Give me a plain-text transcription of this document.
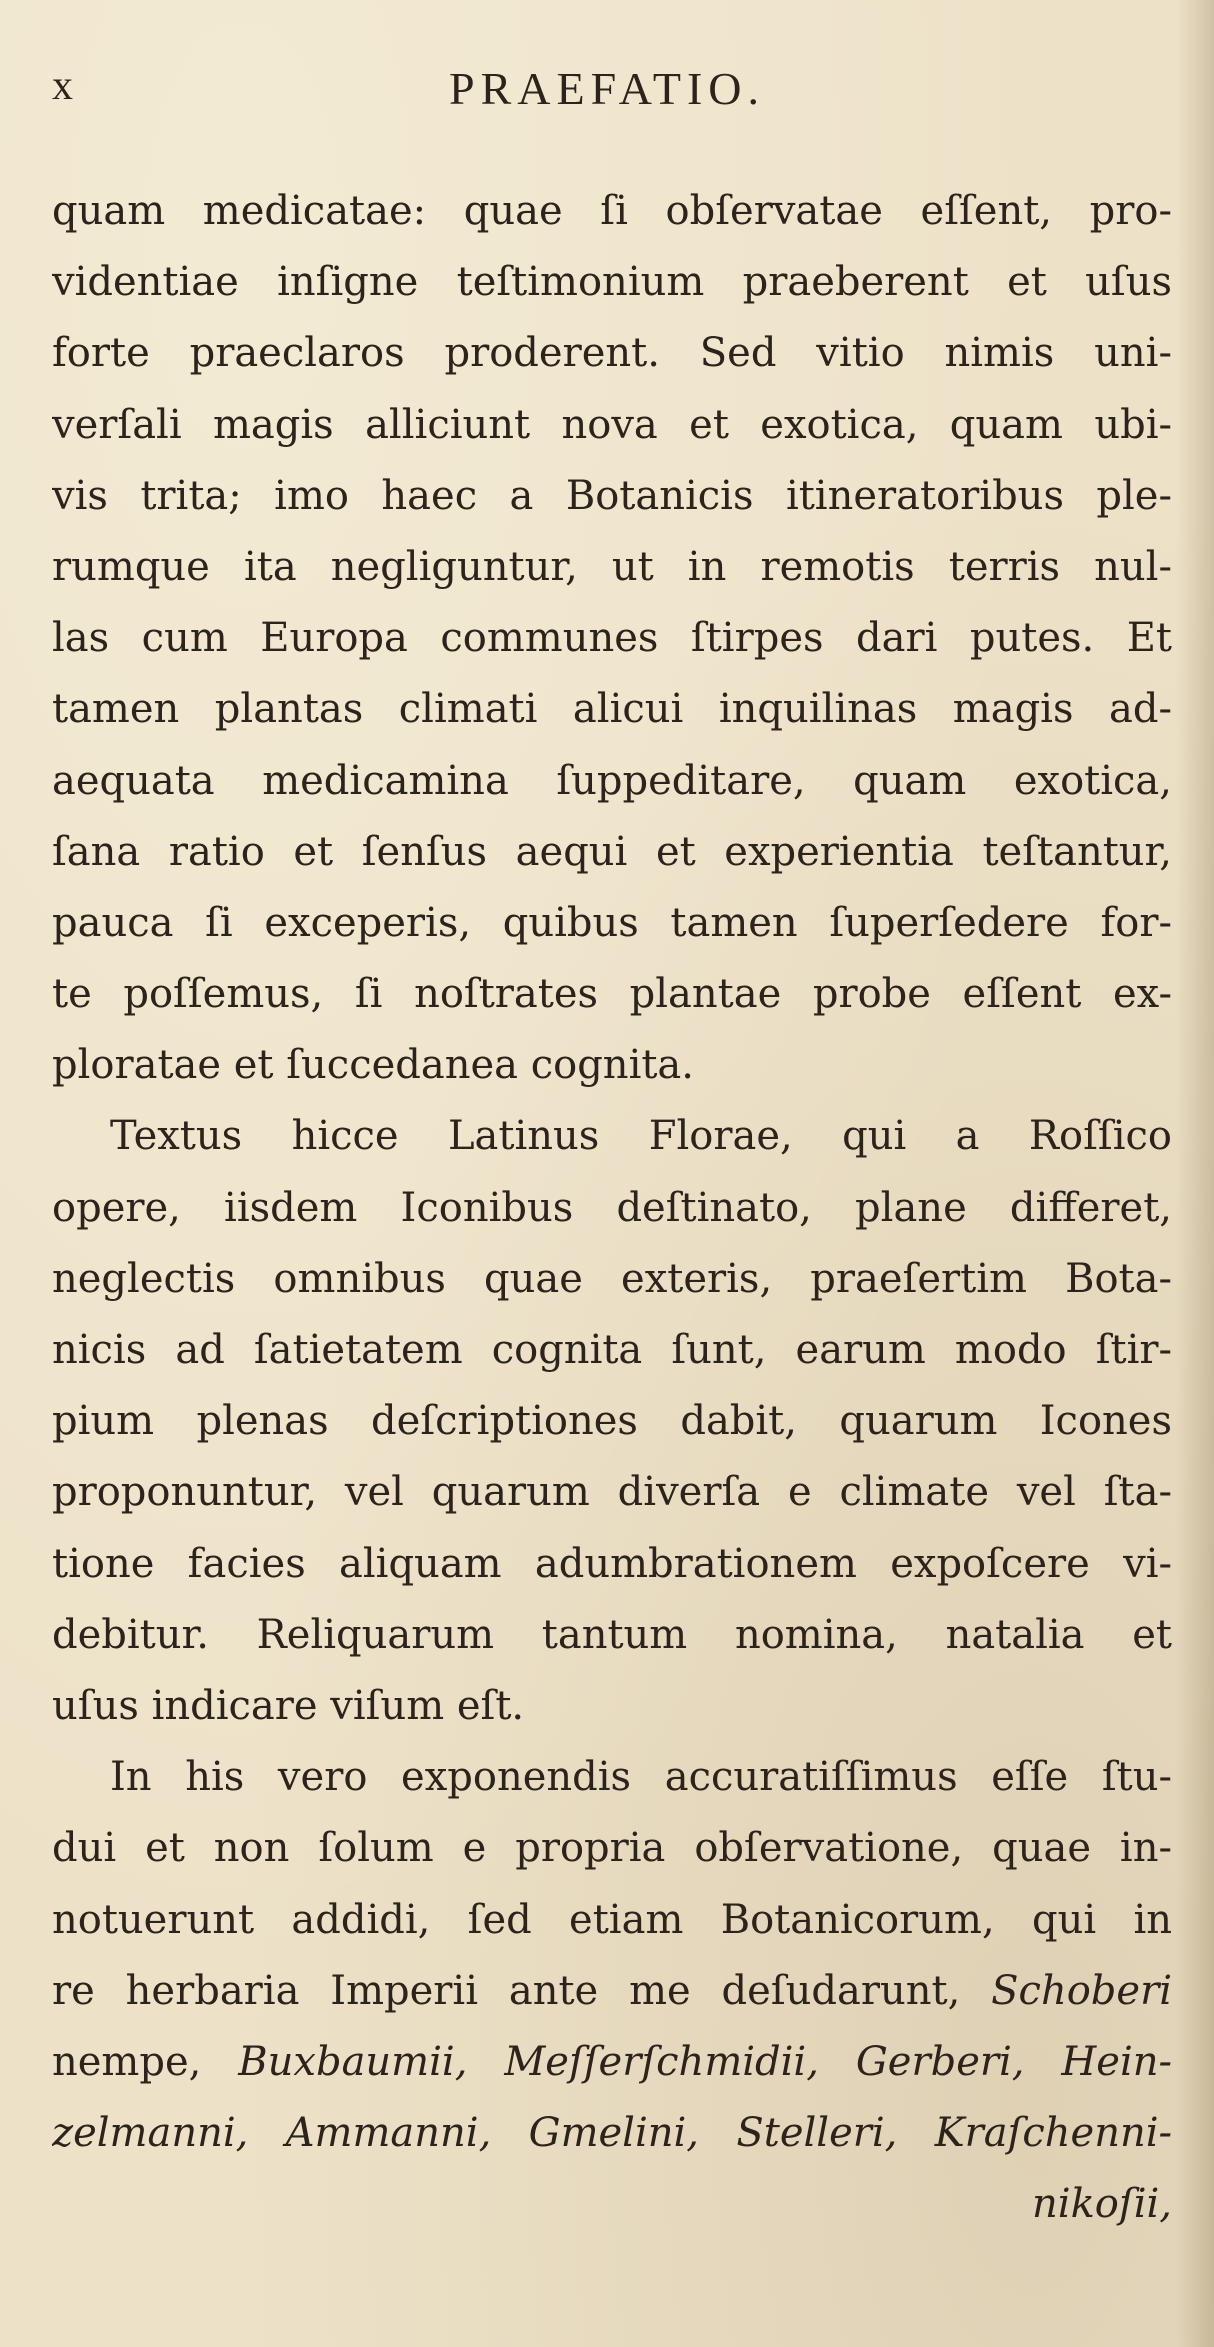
x	PRAEFATIO.
quam medicatae: quae ſi obſervatae eſſent, pro-
videntiae inſigne teſtimonium praeberent et uſus
forte praeclaros proderent. Sed vitio nimis uni-
verſali magis alliciunt nova et exotica, quam ubi-
vis trita; imo haec a Botanicis itineratoribus ple-
rumque ita negliguntur, ut in remotis terris nul-
las cum Europa communes ſtirpes dari putes. Et
tamen plantas climati alicui inquilinas magis ad-
aequata medicamina ſuppeditare, quam exotica,
ſana ratio et ſenſus aequi et experientia teſtantur,
pauca ſi exceperis, quibus tamen ſuperſedere for-
te poſſemus, ſi noſtrates plantae probe eſſent ex-
ploratae et ſuccedanea cognita.
Textus hicce Latinus Florae, qui a Roſſico
opere, iisdem Iconibus deſtinato, plane differet,
neglectis omnibus quae exteris, praeſertim Bota-
nicis ad ſatietatem cognita ſunt, earum modo ſtir-
pium plenas deſcriptiones dabit, quarum Icones
proponuntur, vel quarum diverſa e climate vel ſta-
tione facies aliquam adumbrationem expoſcere vi-
debitur. Reliquarum tantum nomina, natalia et
uſus indicare viſum eſt.
In his vero exponendis accuratiſſimus eſſe ſtu-
dui et non ſolum e propria obſervatione, quae in-
notuerunt addidi, ſed etiam Botanicorum, qui in
re herbaria Imperii ante me deſudarunt, Schoberi
nempe, Buxbaumii, Meſſerſchmidii, Gerberi, Hein-
zelmanni, Ammanni, Gmelini, Stelleri, Kraſchenni-
nikoſii,
